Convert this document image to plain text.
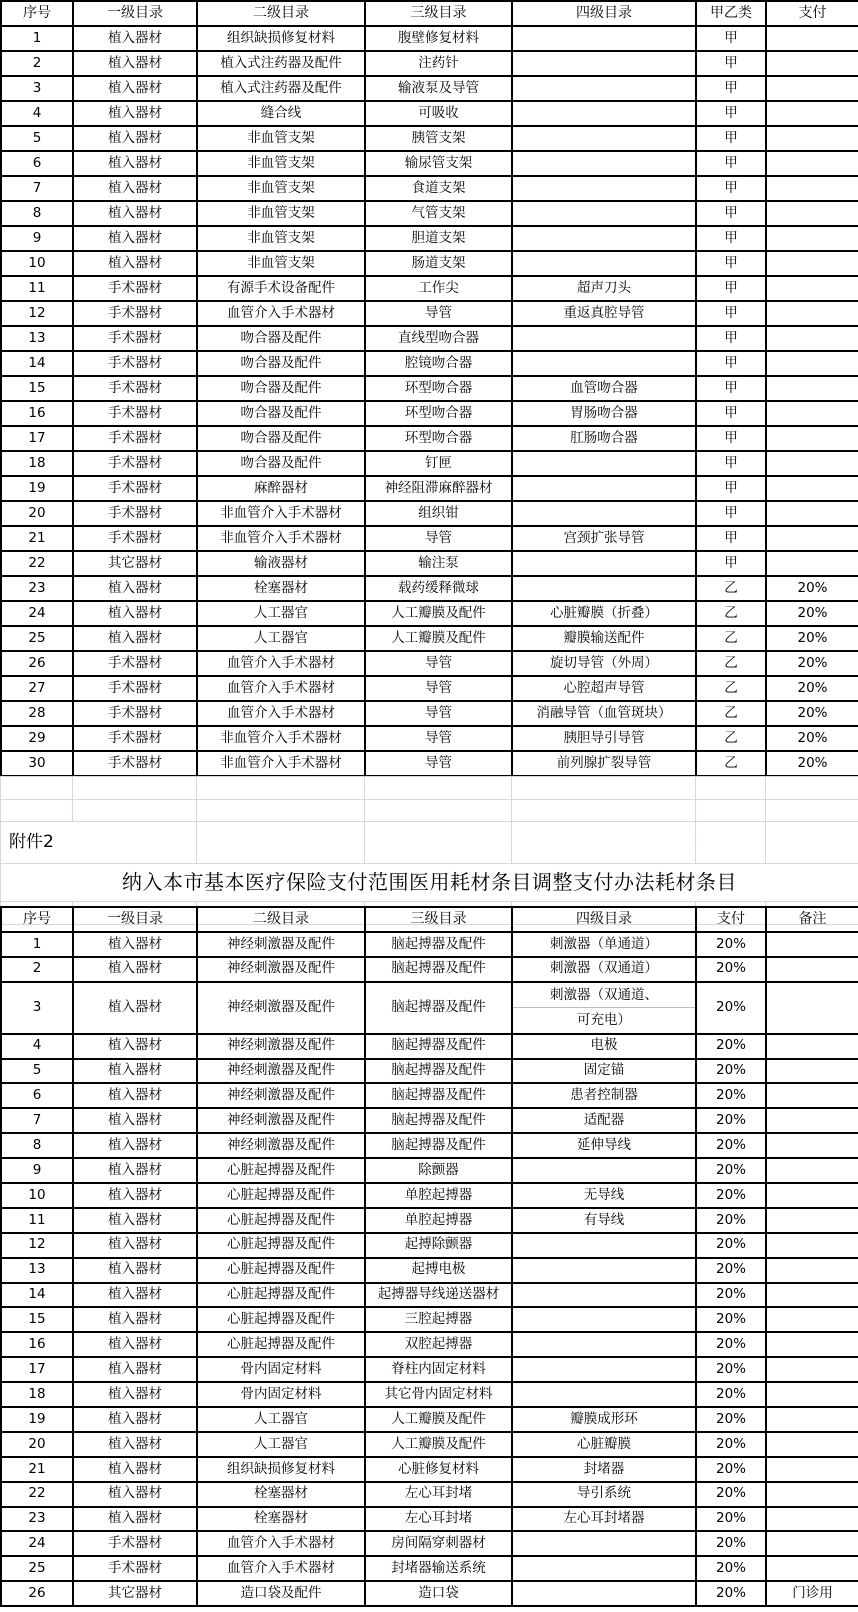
序号	一级目录	二级目录	三级目录	四级目录	甲乙类	支付
1	植入器材	组织缺损修复材料	腹壁修复材料		甲	
2	植入器材	植入式注药器及配件	注药针		甲	
3	植入器材	植入式注药器及配件	输液泵及导管		甲	
4	植入器材	缝合线	可吸收		甲	
5	植入器材	非血管支架	胰管支架		甲	
6	植入器材	非血管支架	输尿管支架		甲	
7	植入器材	非血管支架	食道支架		甲	
8	植入器材	非血管支架	气管支架		甲	
9	植入器材	非血管支架	胆道支架		甲	
10	植入器材	非血管支架	肠道支架		甲	
11	手术器材	有源手术设备配件	工作尖	超声刀头	甲	
12	手术器材	血管介入手术器材	导管	重返真腔导管	甲	
13	手术器材	吻合器及配件	直线型吻合器		甲	
14	手术器材	吻合器及配件	腔镜吻合器		甲	
15	手术器材	吻合器及配件	环型吻合器	血管吻合器	甲	
16	手术器材	吻合器及配件	环型吻合器	胃肠吻合器	甲	
17	手术器材	吻合器及配件	环型吻合器	肛肠吻合器	甲	
18	手术器材	吻合器及配件	钉匣		甲	
19	手术器材	麻醉器材	神经阻滞麻醉器材		甲	
20	手术器材	非血管介入手术器材	组织钳		甲	
21	手术器材	非血管介入手术器材	导管	宫颈扩张导管	甲	
22	其它器材	输液器材	输注泵		甲	
23	植入器材	栓塞器材	载药缓释微球		乙	20%
24	植入器材	人工器官	人工瓣膜及配件	心脏瓣膜（折叠）	乙	20%
25	植入器材	人工器官	人工瓣膜及配件	瓣膜输送配件	乙	20%
26	手术器材	血管介入手术器材	导管	旋切导管（外周）	乙	20%
27	手术器材	血管介入手术器材	导管	心腔超声导管	乙	20%
28	手术器材	血管介入手术器材	导管	消融导管（血管斑块）	乙	20%
29	手术器材	非血管介入手术器材	导管	胰胆导引导管	乙	20%
30	手术器材	非血管介入手术器材	导管	前列腺扩裂导管	乙	20%

附件2						
纳入本市基本医疗保险支付范围医用耗材条目调整支付办法耗材条目						

序号	一级目录	二级目录	三级目录	四级目录	支付	备注
1	植入器材	神经刺激器及配件	脑起搏器及配件	刺激器（单通道）	20%	
2	植入器材	神经刺激器及配件	脑起搏器及配件	刺激器（双通道）	20%	
3	植入器材	神经刺激器及配件	脑起搏器及配件	刺激器（双通道、
可充电）	20%	
4	植入器材	神经刺激器及配件	脑起搏器及配件	电极	20%	
5	植入器材	神经刺激器及配件	脑起搏器及配件	固定锚	20%	
6	植入器材	神经刺激器及配件	脑起搏器及配件	患者控制器	20%	
7	植入器材	神经刺激器及配件	脑起搏器及配件	适配器	20%	
8	植入器材	神经刺激器及配件	脑起搏器及配件	延伸导线	20%	
9	植入器材	心脏起搏器及配件	除颤器		20%	
10	植入器材	心脏起搏器及配件	单腔起搏器	无导线	20%	
11	植入器材	心脏起搏器及配件	单腔起搏器	有导线	20%	
12	植入器材	心脏起搏器及配件	起搏除颤器		20%	
13	植入器材	心脏起搏器及配件	起搏电极		20%	
14	植入器材	心脏起搏器及配件	起搏器导线递送器材		20%	
15	植入器材	心脏起搏器及配件	三腔起搏器		20%	
16	植入器材	心脏起搏器及配件	双腔起搏器		20%	
17	植入器材	骨内固定材料	脊柱内固定材料		20%	
18	植入器材	骨内固定材料	其它骨内固定材料		20%	
19	植入器材	人工器官	人工瓣膜及配件	瓣膜成形环	20%	
20	植入器材	人工器官	人工瓣膜及配件	心脏瓣膜	20%	
21	植入器材	组织缺损修复材料	心脏修复材料	封堵器	20%	
22	植入器材	栓塞器材	左心耳封堵	导引系统	20%	
23	植入器材	栓塞器材	左心耳封堵	左心耳封堵器	20%	
24	手术器材	血管介入手术器材	房间隔穿刺器材		20%	
25	手术器材	血管介入手术器材	封堵器输送系统		20%	
26	其它器材	造口袋及配件	造口袋		20%	门诊用
